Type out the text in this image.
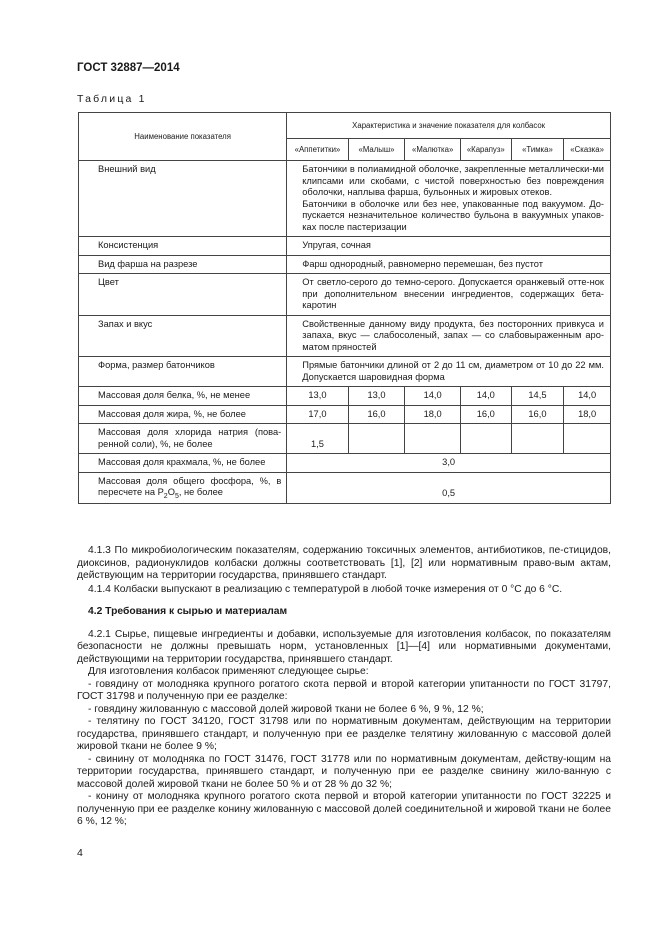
ГОСТ 32887—2014
Таблица 1
Наименование показателя	Характеристика и значение показателя для колбасок					
	«Аппетитки»	«Малыш»	«Малютка»	«Карапуз»	«Тимка»	«Сказка»
Внешний вид	Батончики в полиамидной оболочке, закрепленные металлически-ми клипсами или скобами, с чистой поверхностью без повреждения оболочки, наплыва фарша, бульонных и жировых отеков.

Батончики в оболочке или без нее, упакованные под вакуумом. До-пускается незначительное количество бульона в вакуумных упаков-ках после пастеризации					

Консистенция	Упругая, сочная					

Вид фарша на разрезе	Фарш однородный, равномерно перемешан, без пустот					

Цвет	От светло-серого до темно-серого. Допускается оранжевый отте-нок при дополнительном внесении ингредиентов, содержащих бета-каротин					

Запах и вкус	Свойственные данному виду продукта, без посторонних привкуса и запаха, вкус — слабосоленый, запах — со слабовыраженным аро-матом пряностей					

Форма, размер батончиков	Прямые батончики длиной от 2 до 11 см, диаметром от 10 до 22 мм. Допускается шаровидная форма					

Массовая доля белка, %, не менее	13,0	13,0	14,0	14,0	14,5	14,0
Массовая доля жира, %, не более	17,0	16,0	18,0	16,0	16,0	18,0
Массовая доля хлорида натрия (пова-ренной соли), %, не более	1,5					
Массовая доля крахмала, %, не более	3,0					
Массовая доля общего фосфора, %, в пересчете на $P_2O_5$, не более	0,5					

4.1.3 По микробиологическим показателям, содержанию токсичных элементов, антибиотиков, пе-стицидов, диоксинов, радионуклидов колбаски должны соответствовать [1], [2] или нормативным право-вым актам, действующим на территории государства, принявшего стандарт.

4.1.4 Колбаски выпускают в реализацию с температурой в любой точке измерения от 0 °С до 6 °С.

4.2 Требования к сырью и материалам

4.2.1 Сырье, пищевые ингредиенты и добавки, используемые для изготовления колбасок, по показателям безопасности не должны превышать норм, установленных [1]—[4] или нормативными документами, действующими на территории государства, принявшего стандарт.

Для изготовления колбасок применяют следующее сырье:

- говядину от молодняка крупного рогатого скота первой и второй категории упитанности по ГОСТ 31797, ГОСТ 31798 и полученную при ее разделке:

- говядину жилованную с массовой долей жировой ткани не более 6 %, 9 %, 12 %;

- телятину по ГОСТ 34120, ГОСТ 31798 или по нормативным документам, действующим на территории государства, принявшего стандарт, и полученную при ее разделке телятину жилованную с массовой долей жировой ткани не более 9 %;

- свинину от молодняка по ГОСТ 31476, ГОСТ 31778 или по нормативным документам, действу-ющим на территории государства, принявшего стандарт, и полученную при ее разделке свинину жило-ванную с массовой долей жировой ткани не более 50 % и от 28 % до 32 %;

- конину от молодняка крупного рогатого скота первой и второй категории упитанности по ГОСТ 32225 и полученную при ее разделке конину жилованную с массовой долей соединительной и жировой ткани не более 6 %, 12 %;

4
